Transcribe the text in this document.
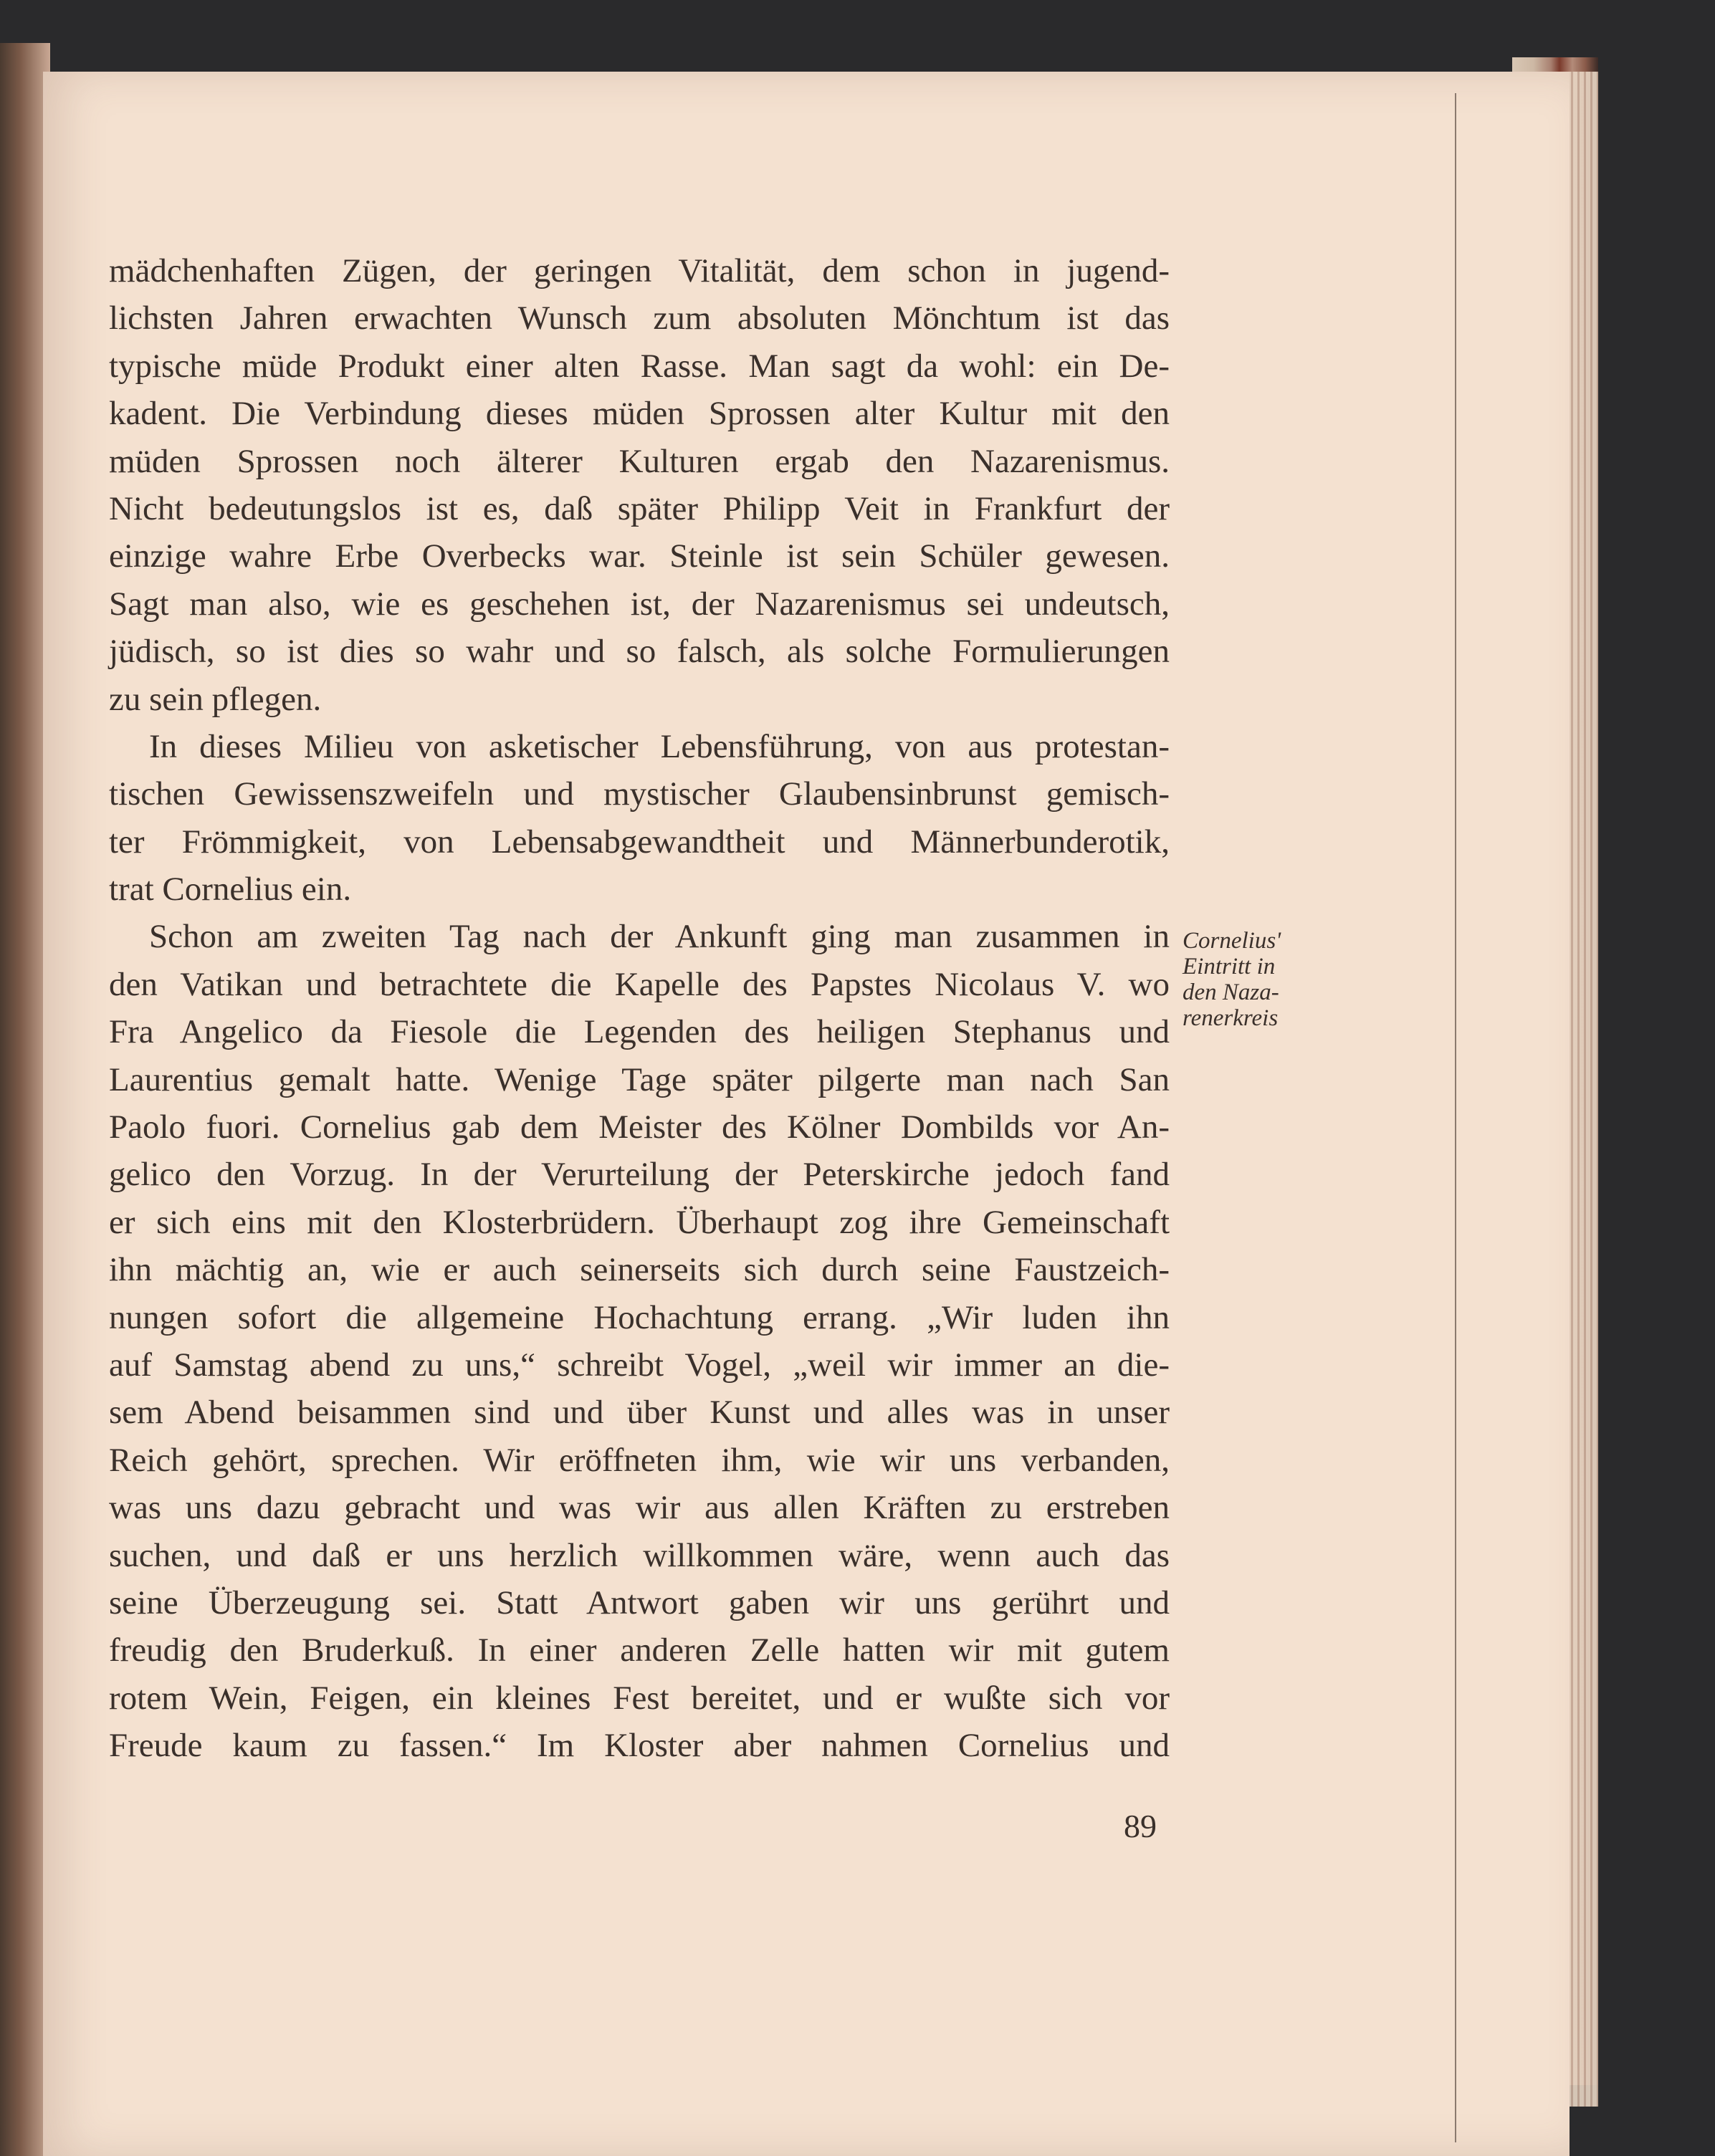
mädchenhaften Zügen, der geringen Vitalität, dem schon in jugend-
lichsten Jahren erwachten Wunsch zum absoluten Mönchtum ist das
typische müde Produkt einer alten Rasse. Man sagt da wohl: ein De-
kadent. Die Verbindung dieses müden Sprossen alter Kultur mit den
müden Sprossen noch älterer Kulturen ergab den Nazarenismus.
Nicht bedeutungslos ist es, daß später Philipp Veit in Frankfurt der
einzige wahre Erbe Overbecks war. Steinle ist sein Schüler gewesen.
Sagt man also, wie es geschehen ist, der Nazarenismus sei undeutsch,
jüdisch, so ist dies so wahr und so falsch, als solche Formulierungen
zu sein pflegen.
In dieses Milieu von asketischer Lebensführung, von aus protestan-
tischen Gewissenszweifeln und mystischer Glaubensinbrunst gemisch-
ter Frömmigkeit, von Lebensabgewandtheit und Männerbunderotik,
trat Cornelius ein.
Schon am zweiten Tag nach der Ankunft ging man zusammen in
den Vatikan und betrachtete die Kapelle des Papstes Nicolaus V. wo
Fra Angelico da Fiesole die Legenden des heiligen Stephanus und
Laurentius gemalt hatte. Wenige Tage später pilgerte man nach San
Paolo fuori. Cornelius gab dem Meister des Kölner Dombilds vor An-
gelico den Vorzug. In der Verurteilung der Peterskirche jedoch fand
er sich eins mit den Klosterbrüdern. Überhaupt zog ihre Gemeinschaft
ihn mächtig an, wie er auch seinerseits sich durch seine Faustzeich-
nungen sofort die allgemeine Hochachtung errang. „Wir luden ihn
auf Samstag abend zu uns,“ schreibt Vogel, „weil wir immer an die-
sem Abend beisammen sind und über Kunst und alles was in unser
Reich gehört, sprechen. Wir eröffneten ihm, wie wir uns verbanden,
was uns dazu gebracht und was wir aus allen Kräften zu erstreben
suchen, und daß er uns herzlich willkommen wäre, wenn auch das
seine Überzeugung sei. Statt Antwort gaben wir uns gerührt und
freudig den Bruderkuß. In einer anderen Zelle hatten wir mit gutem
rotem Wein, Feigen, ein kleines Fest bereitet, und er wußte sich vor
Freude kaum zu fassen.“ Im Kloster aber nahmen Cornelius und
Cornelius'
Eintritt in
den Naza-
renerkreis
89
